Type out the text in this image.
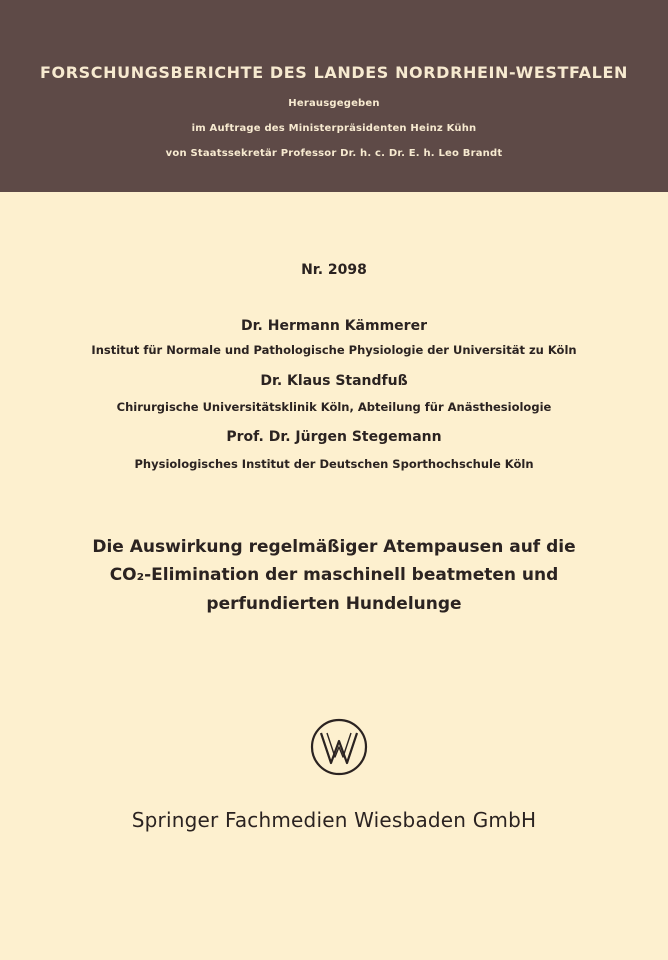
FORSCHUNGSBERICHTE DES LANDES NORDRHEIN-WESTFALEN
Herausgegeben
im Auftrage des Ministerpräsidenten Heinz Kühn
von Staatssekretär Professor Dr. h. c. Dr. E. h. Leo Brandt
Nr. 2098
Dr. Hermann Kämmerer
Institut für Normale und Pathologische Physiologie der Universität zu Köln
Dr. Klaus Standfuß
Chirurgische Universitätsklinik Köln, Abteilung für Anästhesiologie
Prof. Dr. Jürgen Stegemann
Physiologisches Institut der Deutschen Sporthochschule Köln
Die Auswirkung regelmäßiger Atempausen auf die
CO₂-Elimination der maschinell beatmeten und
perfundierten Hundelunge
Springer Fachmedien Wiesbaden GmbH
